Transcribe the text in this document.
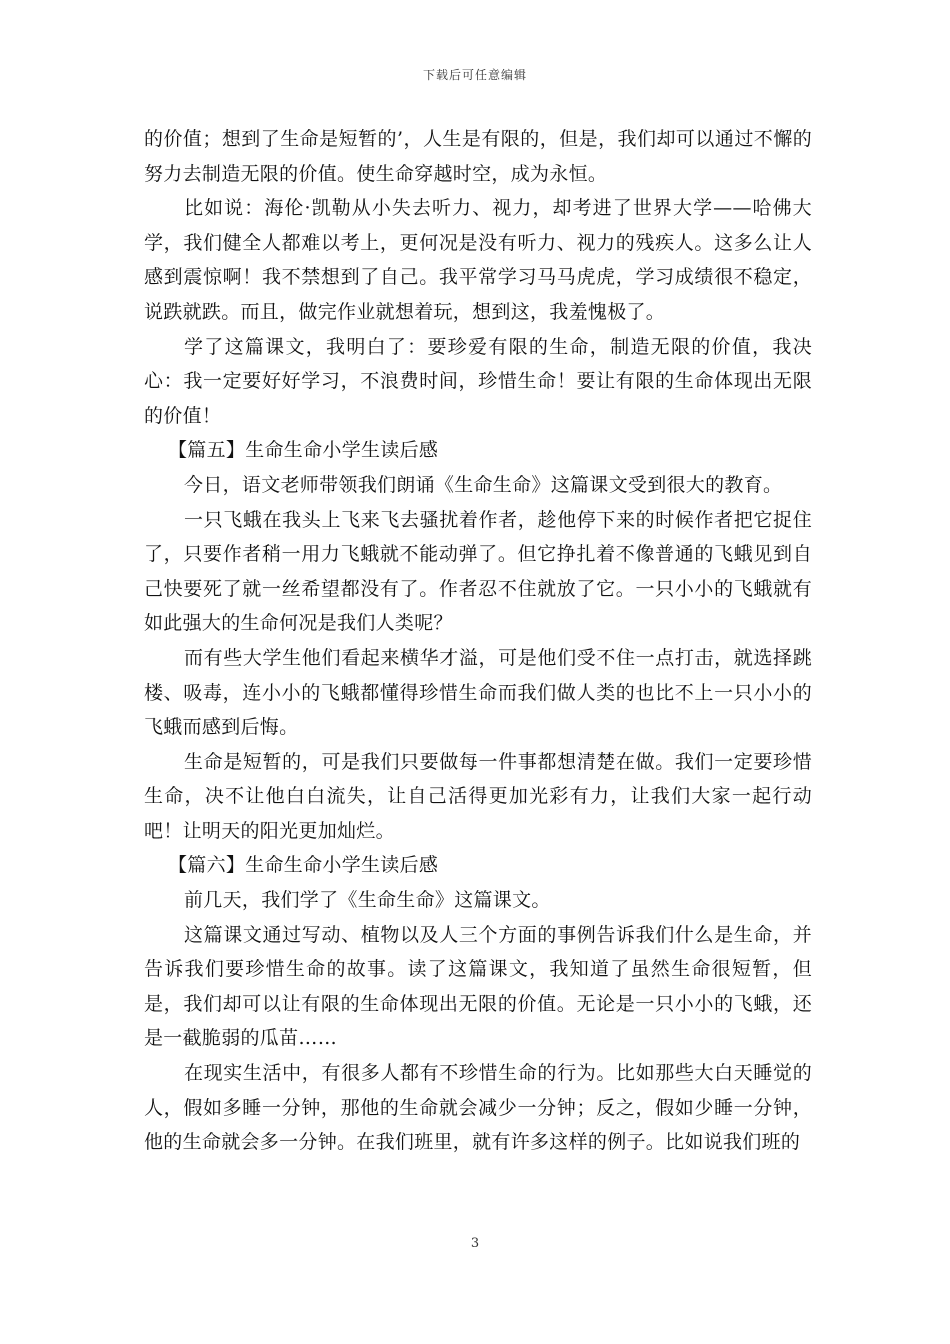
下载后可任意编辑

的价值；想到了生命是短暂的’，人生是有限的，但是，我们却可以通过不懈的努力去制造无限的价值。使生命穿越时空，成为永恒。

比如说：海伦·凯勒从小失去听力、视力，却考进了世界大学——哈佛大学，我们健全人都难以考上，更何况是没有听力、视力的残疾人。这多么让人感到震惊啊！我不禁想到了自己。我平常学习马马虎虎，学习成绩很不稳定，说跌就跌。而且，做完作业就想着玩，想到这，我羞愧极了。

学了这篇课文，我明白了：要珍爱有限的生命，制造无限的价值，我决心：我一定要好好学习，不浪费时间，珍惜生命！要让有限的生命体现出无限的价值！

【篇五】生命生命小学生读后感

今日，语文老师带领我们朗诵《生命生命》这篇课文受到很大的教育。

一只飞蛾在我头上飞来飞去骚扰着作者，趁他停下来的时候作者把它捉住了，只要作者稍一用力飞蛾就不能动弹了。但它挣扎着不像普通的飞蛾见到自己快要死了就一丝希望都没有了。作者忍不住就放了它。一只小小的飞蛾就有如此强大的生命何况是我们人类呢？

而有些大学生他们看起来横华才溢，可是他们受不住一点打击，就选择跳楼、吸毒，连小小的飞蛾都懂得珍惜生命而我们做人类的也比不上一只小小的飞蛾而感到后悔。

生命是短暂的，可是我们只要做每一件事都想清楚在做。我们一定要珍惜生命，决不让他白白流失，让自己活得更加光彩有力，让我们大家一起行动吧！让明天的阳光更加灿烂。

【篇六】生命生命小学生读后感

前几天，我们学了《生命生命》这篇课文。

这篇课文通过写动、植物以及人三个方面的事例告诉我们什么是生命，并告诉我们要珍惜生命的故事。读了这篇课文，我知道了虽然生命很短暂，但是，我们却可以让有限的生命体现出无限的价值。无论是一只小小的飞蛾，还是一截脆弱的瓜苗……

在现实生活中，有很多人都有不珍惜生命的行为。比如那些大白天睡觉的人，假如多睡一分钟，那他的生命就会减少一分钟；反之，假如少睡一分钟，他的生命就会多一分钟。在我们班里，就有许多这样的例子。比如说我们班的

3
